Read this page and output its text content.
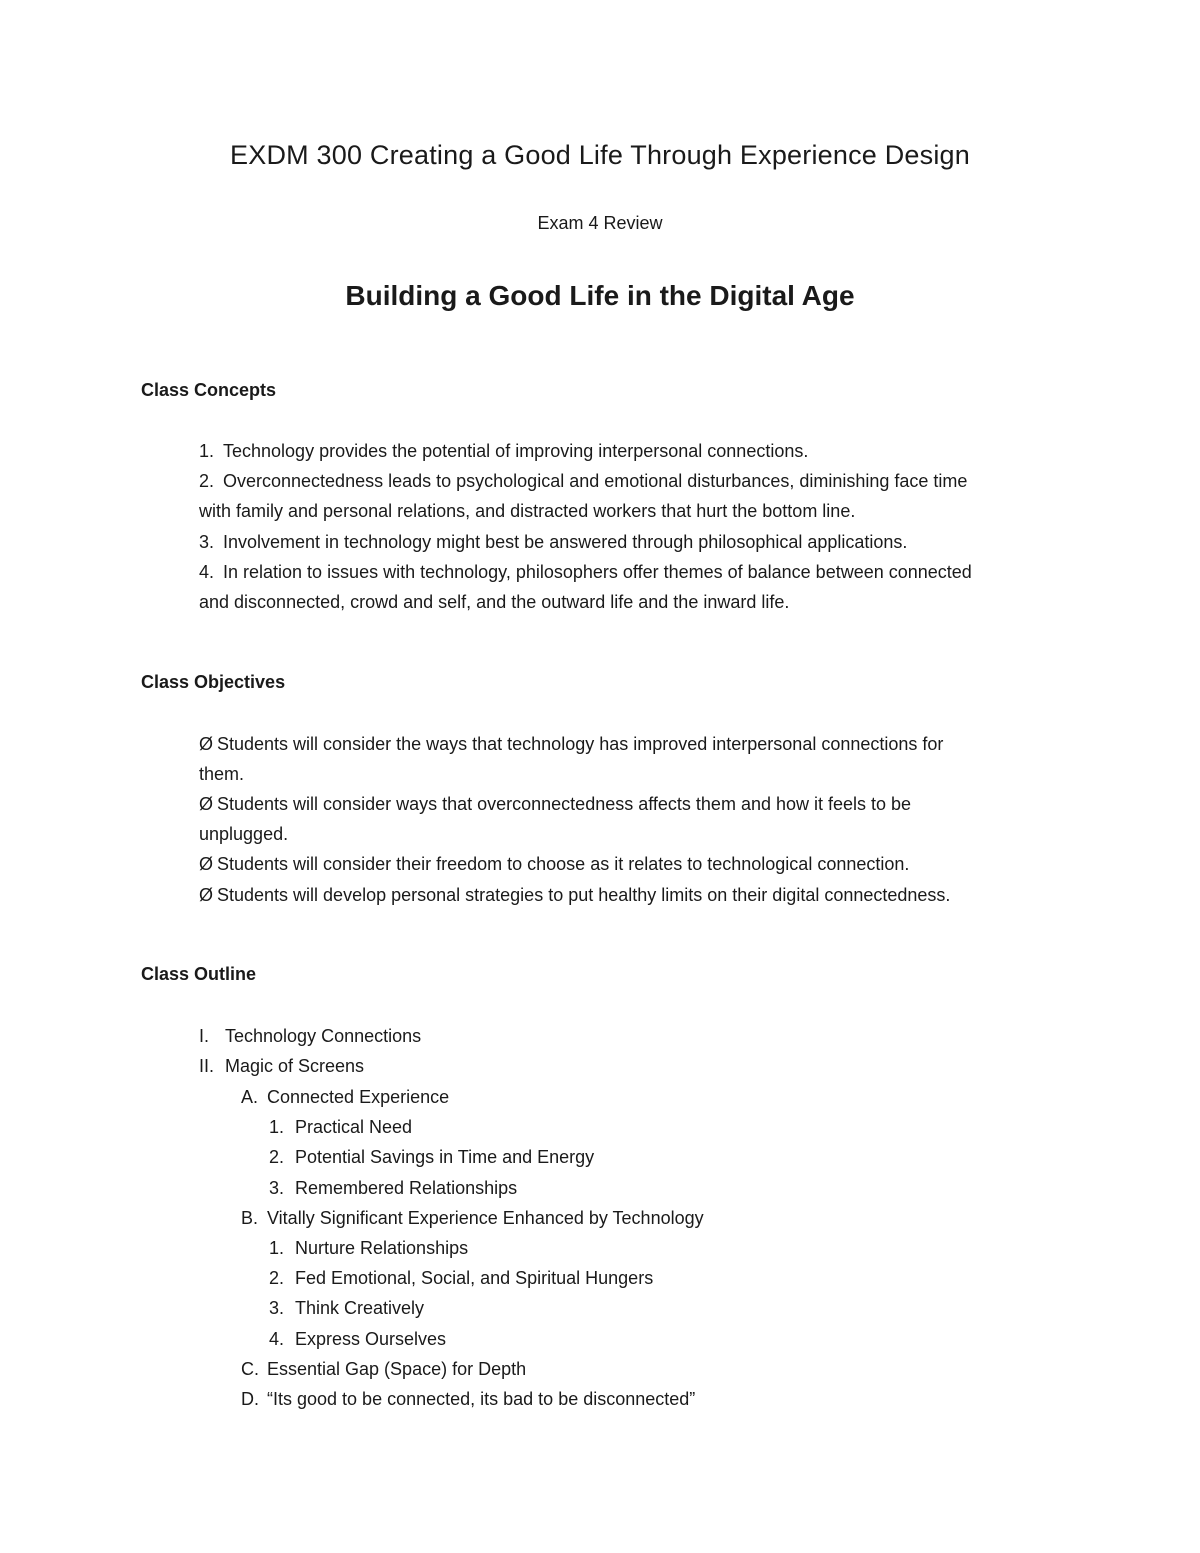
EXDM 300 Creating a Good Life Through Experience Design
Exam 4 Review
Building a Good Life in the Digital Age
Class Concepts
1. Technology provides the potential of improving interpersonal connections.
2. Overconnectedness leads to psychological and emotional disturbances, diminishing face time
with family and personal relations, and distracted workers that hurt the bottom line.
3. Involvement in technology might best be answered through philosophical applications.
4. In relation to issues with technology, philosophers offer themes of balance between connected
and disconnected, crowd and self, and the outward life and the inward life.
Class Objectives
Ø Students will consider the ways that technology has improved interpersonal connections for
them.
Ø Students will consider ways that overconnectedness affects them and how it feels to be
unplugged.
Ø Students will consider their freedom to choose as it relates to technological connection.
Ø Students will develop personal strategies to put healthy limits on their digital connectedness.
Class Outline
I. Technology Connections
II. Magic of Screens
A. Connected Experience
1. Practical Need
2. Potential Savings in Time and Energy
3. Remembered Relationships
B. Vitally Significant Experience Enhanced by Technology
1. Nurture Relationships
2. Fed Emotional, Social, and Spiritual Hungers
3. Think Creatively
4. Express Ourselves
C. Essential Gap (Space) for Depth
D. “Its good to be connected, its bad to be disconnected”
